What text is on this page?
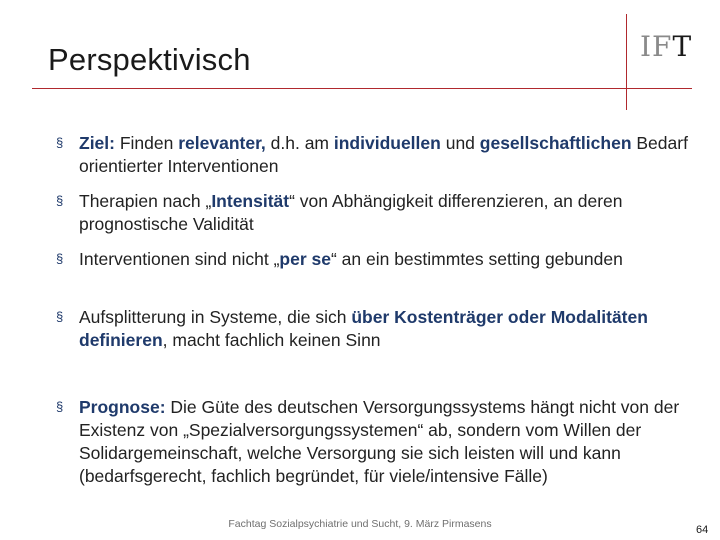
Perspektivisch	IFT
§ Ziel: Finden relevanter, d.h. am individuellen und gesellschaftlichen Bedarf orientierter Interventionen
§ Therapien nach „Intensität“ von Abhängigkeit differenzieren, an deren prognostische Validität
§ Interventionen sind nicht „per se“ an ein bestimmtes setting gebunden
§ Aufsplitterung in Systeme, die sich über Kostenträger oder Modalitäten definieren, macht fachlich keinen Sinn
§ Prognose: Die Güte des deutschen Versorgungssystems hängt nicht von der Existenz von „Spezialversorgungssystemen“ ab, sondern vom Willen der Solidargemeinschaft, welche Versorgung sie sich leisten will und kann (bedarfsgerecht, fachlich begründet, für viele/intensive Fälle)
Fachtag Sozialpsychiatrie und Sucht, 9. März Pirmasens	64
